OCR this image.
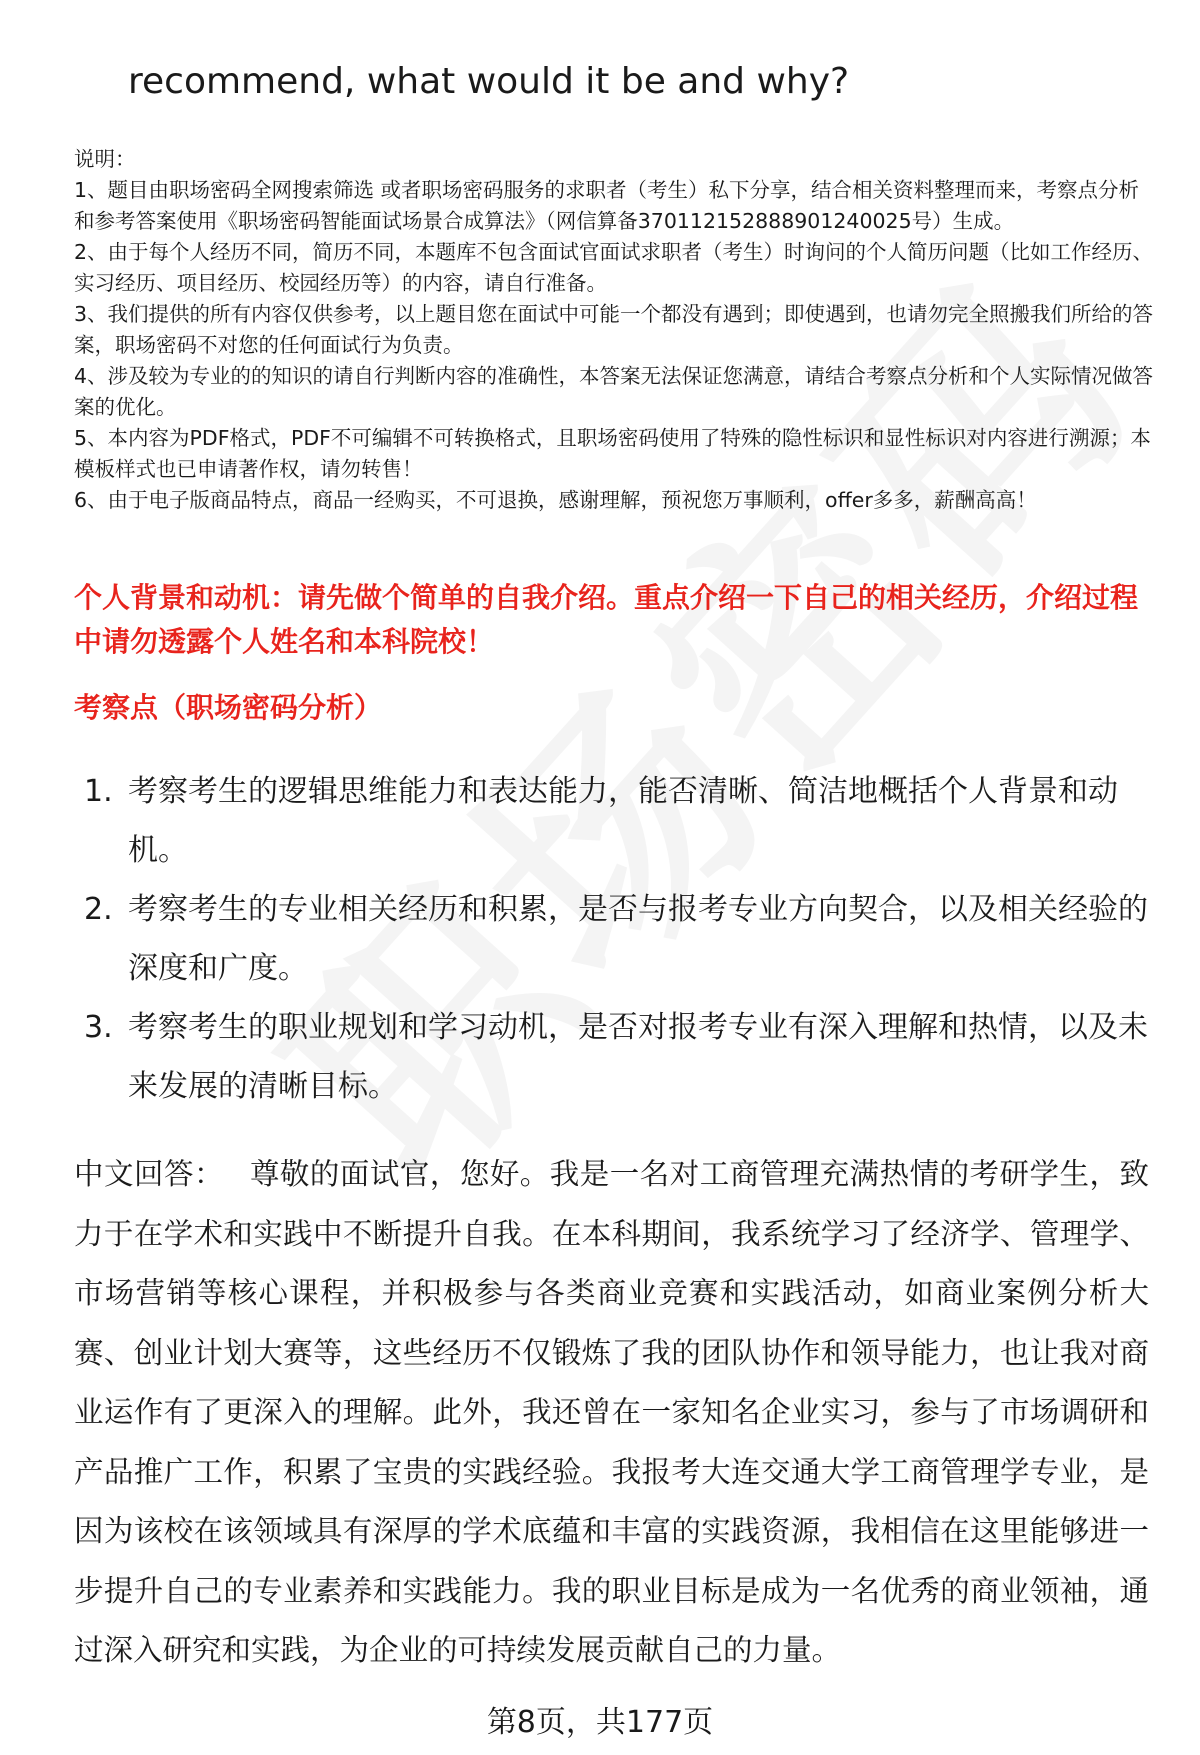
recommend, what would it be and why?
说明：
1、题目由职场密码全网搜索筛选 或者职场密码服务的求职者（考生）私下分享，结合相关资料整理而来，考察点分析和参考答案使用《职场密码智能面试场景合成算法》（网信算备370112152888901240025号）生成。
2、由于每个人经历不同，简历不同，本题库不包含面试官面试求职者（考生）时询问的个人简历问题（比如工作经历、实习经历、项目经历、校园经历等）的内容，请自行准备。
3、我们提供的所有内容仅供参考，以上题目您在面试中可能一个都没有遇到；即使遇到，也请勿完全照搬我们所给的答案，职场密码不对您的任何面试行为负责。
4、涉及较为专业的的知识的请自行判断内容的准确性，本答案无法保证您满意，请结合考察点分析和个人实际情况做答案的优化。
5、本内容为PDF格式，PDF不可编辑不可转换格式，且职场密码使用了特殊的隐性标识和显性标识对内容进行溯源；本模板样式也已申请著作权，请勿转售！
6、由于电子版商品特点，商品一经购买，不可退换，感谢理解，预祝您万事顺利，offer多多，薪酬高高！
个人背景和动机：请先做个简单的自我介绍。重点介绍一下自己的相关经历，介绍过程中请勿透露个人姓名和本科院校！
考察点（职场密码分析）
1. 考察考生的逻辑思维能力和表达能力，能否清晰、简洁地概括个人背景和动机。
2. 考察考生的专业相关经历和积累，是否与报考专业方向契合，以及相关经验的深度和广度。
3. 考察考生的职业规划和学习动机，是否对报考专业有深入理解和热情，以及未来发展的清晰目标。
中文回答： 尊敬的面试官，您好。我是一名对工商管理充满热情的考研学生，致力于在学术和实践中不断提升自我。在本科期间，我系统学习了经济学、管理学、市场营销等核心课程，并积极参与各类商业竞赛和实践活动，如商业案例分析大赛、创业计划大赛等，这些经历不仅锻炼了我的团队协作和领导能力，也让我对商业运作有了更深入的理解。此外，我还曾在一家知名企业实习，参与了市场调研和产品推广工作，积累了宝贵的实践经验。我报考大连交通大学工商管理学专业，是因为该校在该领域具有深厚的学术底蕴和丰富的实践资源，我相信在这里能够进一步提升自己的专业素养和实践能力。我的职业目标是成为一名优秀的商业领袖，通过深入研究和实践，为企业的可持续发展贡献自己的力量。
第8页，共177页
